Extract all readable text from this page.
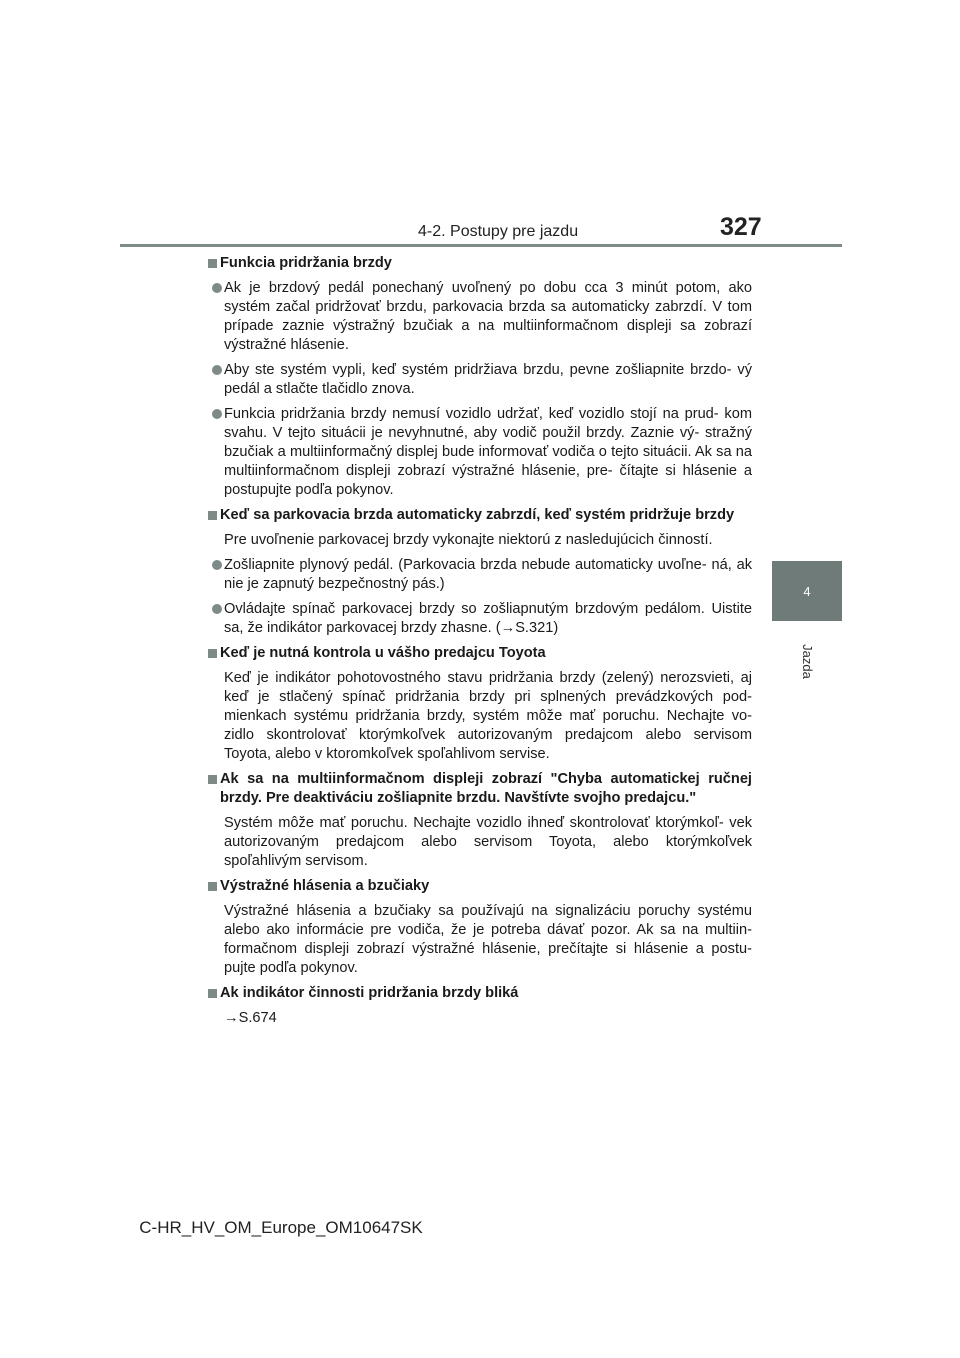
4-2. Postupy pre jazdu	327
4
Jazda
Funkcia pridržania brzdy
Ak je brzdový pedál ponechaný uvoľnený po dobu cca 3 minút potom, ako systém začal pridržovať brzdu, parkovacia brzda sa automaticky zabrzdí. V tom prípade zaznie výstražný bzučiak a na multiinformačnom displeji sa zobrazí výstražné hlásenie.
Aby ste systém vypli, keď systém pridržiava brzdu, pevne zošliapnite brzdo- vý pedál a stlačte tlačidlo znova.
Funkcia pridržania brzdy nemusí vozidlo udržať, keď vozidlo stojí na prud- kom svahu. V tejto situácii je nevyhnutné, aby vodič použil brzdy. Zaznie vý- stražný bzučiak a multiinformačný displej bude informovať vodiča o tejto situácii. Ak sa na multiinformačnom displeji zobrazí výstražné hlásenie, pre- čítajte si hlásenie a postupujte podľa pokynov.
Keď sa parkovacia brzda automaticky zabrzdí, keď systém pridržuje brzdy
Pre uvoľnenie parkovacej brzdy vykonajte niektorú z nasledujúcich činností.
Zošliapnite plynový pedál. (Parkovacia brzda nebude automaticky uvoľne- ná, ak nie je zapnutý bezpečnostný pás.)
Ovládajte spínač parkovacej brzdy so zošliapnutým brzdovým pedálom. Uistite sa, že indikátor parkovacej brzdy zhasne. (→S.321)
Keď je nutná kontrola u vášho predajcu Toyota
Keď je indikátor pohotovostného stavu pridržania brzdy (zelený) nerozsvieti, aj keď je stlačený spínač pridržania brzdy pri splnených prevádzkových pod- mienkach systému pridržania brzdy, systém môže mať poruchu. Nechajte vo- zidlo skontrolovať ktorýmkoľvek autorizovaným predajcom alebo servisom Toyota, alebo v ktoromkoľvek spoľahlivom servise.
Ak sa na multiinformačnom displeji zobrazí "Chyba automatickej ručnej brzdy. Pre deaktiváciu zošliapnite brzdu. Navštívte svojho predajcu."
Systém môže mať poruchu. Nechajte vozidlo ihneď skontrolovať ktorýmkoľ- vek autorizovaným predajcom alebo servisom Toyota, alebo ktorýmkoľvek spoľahlivým servisom.
Výstražné hlásenia a bzučiaky
Výstražné hlásenia a bzučiaky sa používajú na signalizáciu poruchy systému alebo ako informácie pre vodiča, že je potreba dávať pozor. Ak sa na multiin- formačnom displeji zobrazí výstražné hlásenie, prečítajte si hlásenie a postu- pujte podľa pokynov.
Ak indikátor činnosti pridržania brzdy bliká
→S.674
C-HR_HV_OM_Europe_OM10647SK
